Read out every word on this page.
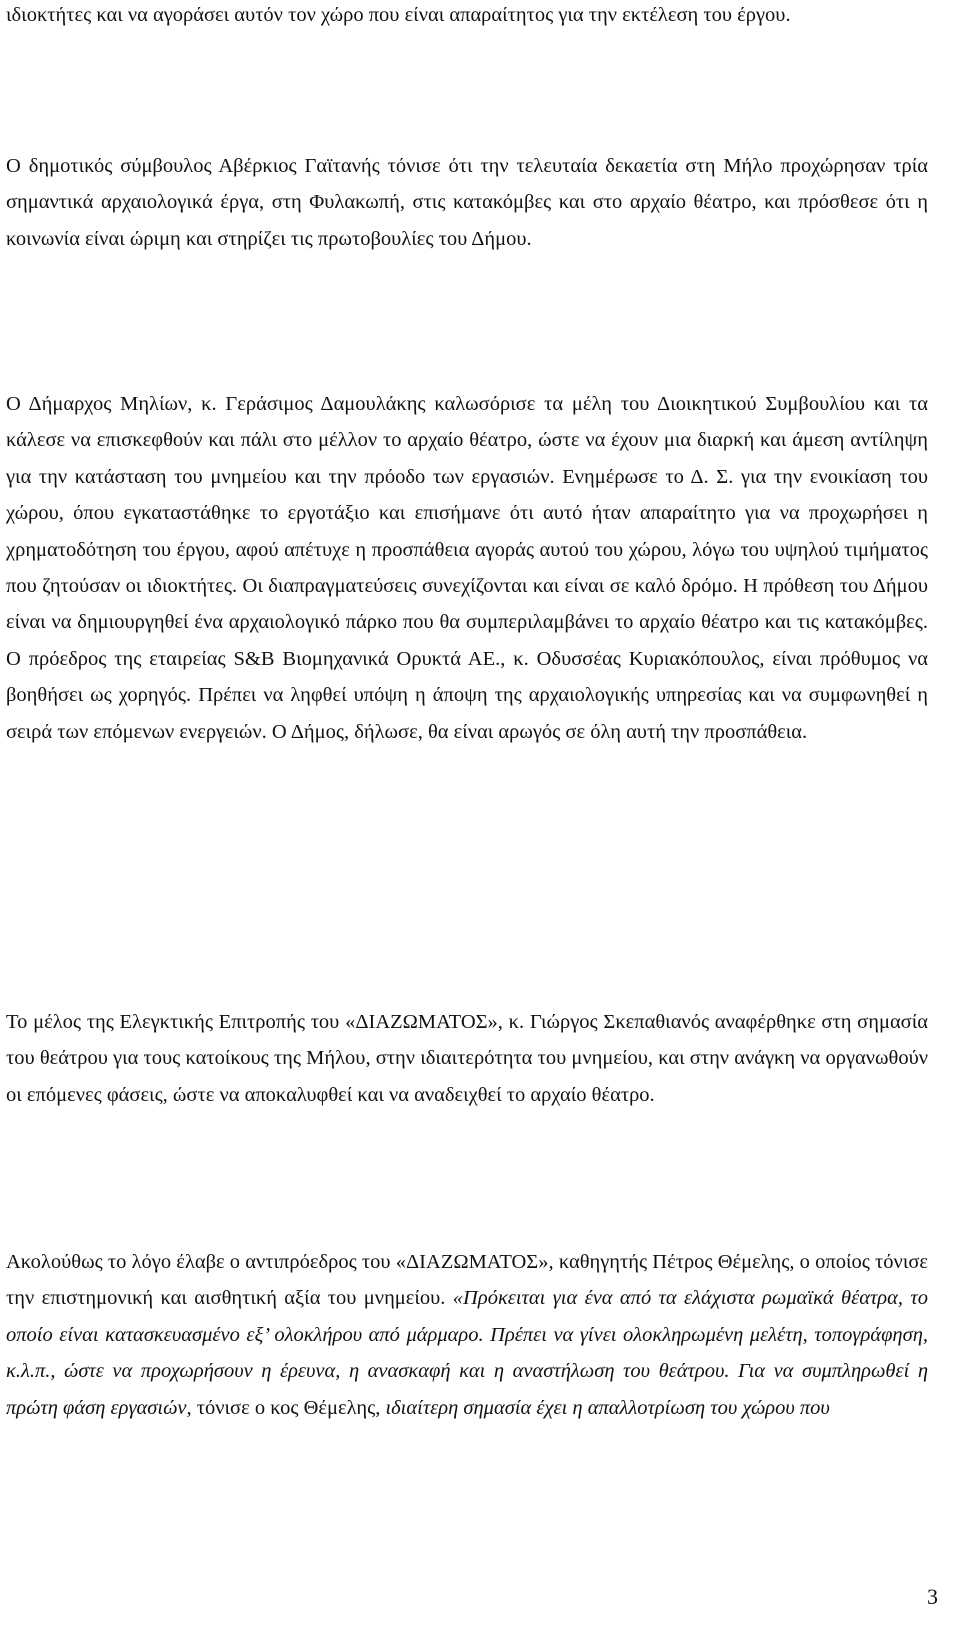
ιδιοκτήτες και να αγοράσει αυτόν τον χώρο που είναι απαραίτητος για την εκτέλεση του έργου.

Ο δημοτικός σύμβουλος Αβέρκιος Γαϊτανής τόνισε ότι την τελευταία δεκαετία στη Μήλο προχώρησαν τρία σημαντικά αρχαιολογικά έργα, στη Φυλακωπή, στις κατακόμβες και στο αρχαίο θέατρο, και πρόσθεσε ότι η κοινωνία είναι ώριμη και στηρίζει τις πρωτοβουλίες του Δήμου.

Ο Δήμαρχος Μηλίων, κ. Γεράσιμος Δαμουλάκης καλωσόρισε τα μέλη του Διοικητικού Συμβουλίου και τα κάλεσε να επισκεφθούν και πάλι στο μέλλον το αρχαίο θέατρο, ώστε να έχουν μια διαρκή και άμεση αντίληψη για την κατάσταση του μνημείου και την πρόοδο των εργασιών. Ενημέρωσε το Δ. Σ. για την ενοικίαση του χώρου, όπου εγκαταστάθηκε το εργοτάξιο και επισήμανε ότι αυτό ήταν απαραίτητο για να προχωρήσει η χρηματοδότηση του έργου, αφού απέτυχε η προσπάθεια αγοράς αυτού του χώρου, λόγω του υψηλού τιμήματος που ζητούσαν οι ιδιοκτήτες. Οι διαπραγματεύσεις συνεχίζονται και είναι σε καλό δρόμο. Η πρόθεση του Δήμου είναι να δημιουργηθεί ένα αρχαιολογικό πάρκο που θα συμπεριλαμβάνει το αρχαίο θέατρο και τις κατακόμβες. Ο πρόεδρος της εταιρείας S&B Βιομηχανικά Ορυκτά ΑΕ., κ. Οδυσσέας Κυριακόπουλος, είναι πρόθυμος να βοηθήσει ως χορηγός. Πρέπει να ληφθεί υπόψη η άποψη της αρχαιολογικής υπηρεσίας και να συμφωνηθεί η σειρά των επόμενων ενεργειών. Ο Δήμος, δήλωσε, θα είναι αρωγός σε όλη αυτή την προσπάθεια.

Το μέλος της Ελεγκτικής Επιτροπής του «ΔΙΑΖΩΜΑΤΟΣ», κ. Γιώργος Σκεπαθιανός αναφέρθηκε στη σημασία του θεάτρου για τους κατοίκους της Μήλου, στην ιδιαιτερότητα του μνημείου, και στην ανάγκη να οργανωθούν οι επόμενες φάσεις, ώστε να αποκαλυφθεί και να αναδειχθεί το αρχαίο θέατρο.

Ακολούθως το λόγο έλαβε ο αντιπρόεδρος του «ΔΙΑΖΩΜΑΤΟΣ», καθηγητής Πέτρος Θέμελης, ο οποίος τόνισε την επιστημονική και αισθητική αξία του μνημείου. «Πρόκειται για ένα από τα ελάχιστα ρωμαϊκά θέατρα, το οποίο είναι κατασκευασμένο εξ’ ολοκλήρου από μάρμαρο. Πρέπει να γίνει ολοκληρωμένη μελέτη, τοπογράφηση, κ.λ.π., ώστε να προχωρήσουν η έρευνα, η ανασκαφή και η αναστήλωση του θεάτρου. Για να συμπληρωθεί η πρώτη φάση εργασιών, τόνισε ο κος Θέμελης, ιδιαίτερη σημασία έχει η απαλλοτρίωση του χώρου που

3
